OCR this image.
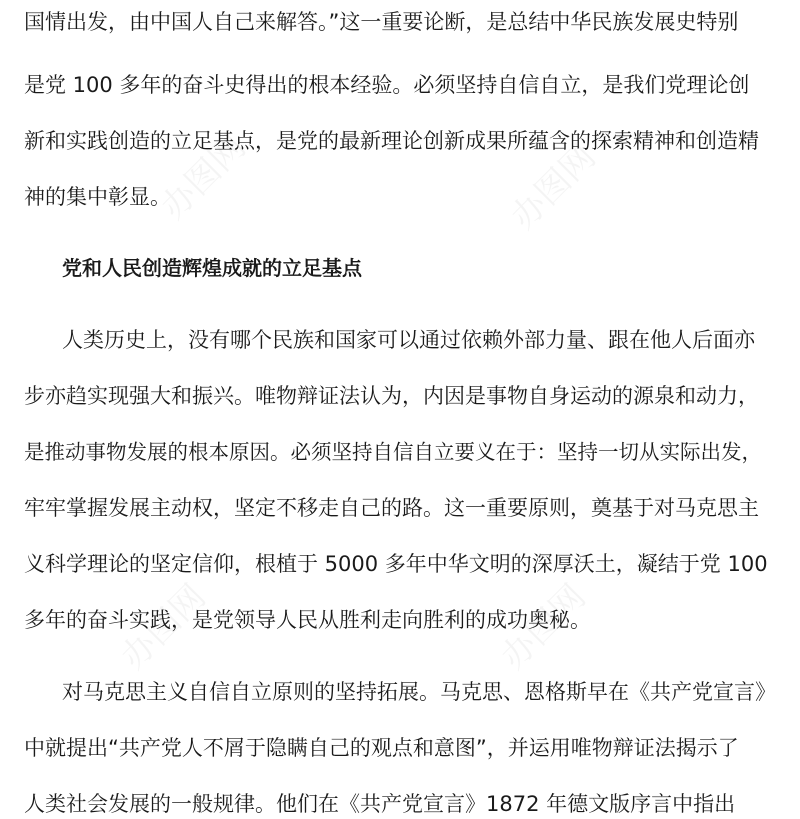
国情出发，由中国人自己来解答。”这一重要论断，是总结中华民族发展史特别
是党 100 多年的奋斗史得出的根本经验。必须坚持自信自立，是我们党理论创
新和实践创造的立足基点，是党的最新理论创新成果所蕴含的探索精神和创造精
神的集中彰显。
党和人民创造辉煌成就的立足基点
人类历史上，没有哪个民族和国家可以通过依赖外部力量、跟在他人后面亦
步亦趋实现强大和振兴。唯物辩证法认为，内因是事物自身运动的源泉和动力，
是推动事物发展的根本原因。必须坚持自信自立要义在于：坚持一切从实际出发，
牢牢掌握发展主动权，坚定不移走自己的路。这一重要原则，奠基于对马克思主
义科学理论的坚定信仰，根植于 5000 多年中华文明的深厚沃土，凝结于党 100
多年的奋斗实践，是党领导人民从胜利走向胜利的成功奥秘。
对马克思主义自信自立原则的坚持拓展。马克思、恩格斯早在《共产党宣言》
中就提出“共产党人不屑于隐瞒自己的观点和意图”，并运用唯物辩证法揭示了
人类社会发展的一般规律。他们在《共产党宣言》1872 年德文版序言中指出
